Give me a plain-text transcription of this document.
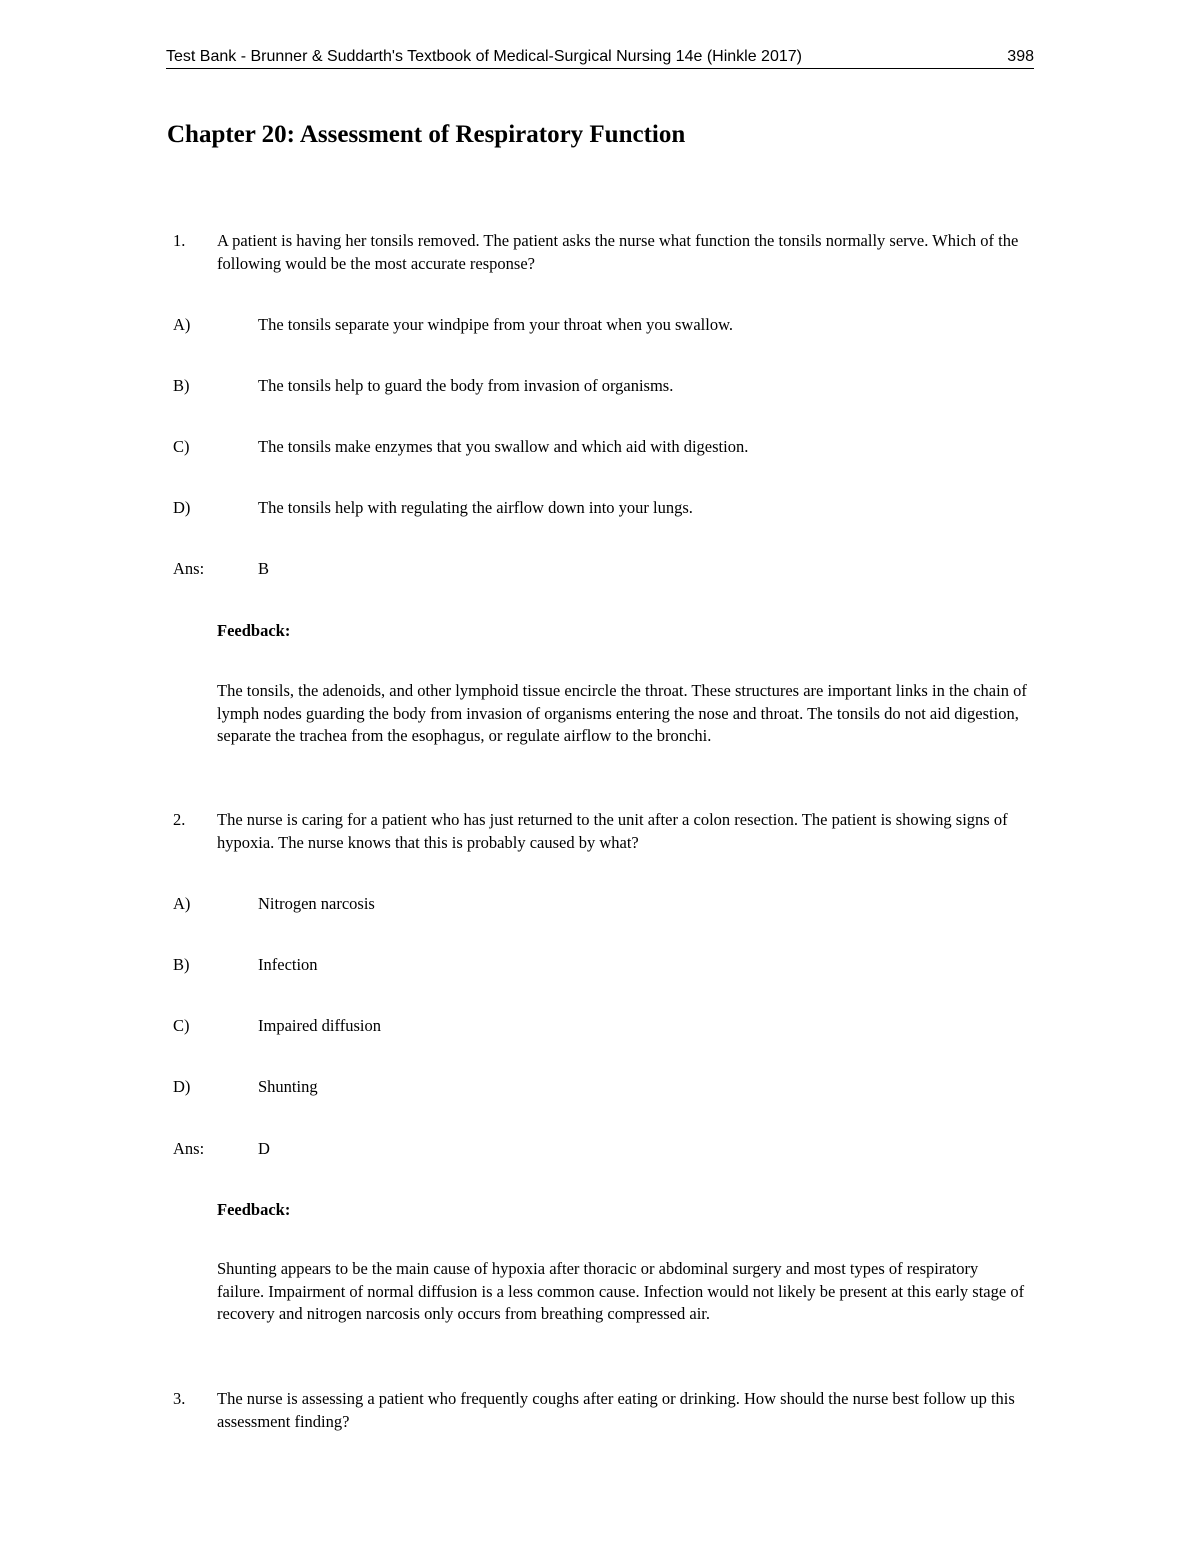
Test Bank - Brunner & Suddarth's Textbook of Medical-Surgical Nursing 14e (Hinkle 2017)	398
Chapter 20: Assessment of Respiratory Function
1. A patient is having her tonsils removed. The patient asks the nurse what function the tonsils normally serve. Which of the following would be the most accurate response?
A)	The tonsils separate your windpipe from your throat when you swallow.
B)	The tonsils help to guard the body from invasion of organisms.
C)	The tonsils make enzymes that you swallow and which aid with digestion.
D)	The tonsils help with regulating the airflow down into your lungs.
Ans:	B
Feedback:
The tonsils, the adenoids, and other lymphoid tissue encircle the throat. These structures are important links in the chain of lymph nodes guarding the body from invasion of organisms entering the nose and throat. The tonsils do not aid digestion, separate the trachea from the esophagus, or regulate airflow to the bronchi.
2. The nurse is caring for a patient who has just returned to the unit after a colon resection. The patient is showing signs of hypoxia. The nurse knows that this is probably caused by what?
A)	Nitrogen narcosis
B)	Infection
C)	Impaired diffusion
D)	Shunting
Ans:	D
Feedback:
Shunting appears to be the main cause of hypoxia after thoracic or abdominal surgery and most types of respiratory failure. Impairment of normal diffusion is a less common cause. Infection would not likely be present at this early stage of recovery and nitrogen narcosis only occurs from breathing compressed air.
3. The nurse is assessing a patient who frequently coughs after eating or drinking. How should the nurse best follow up this assessment finding?
